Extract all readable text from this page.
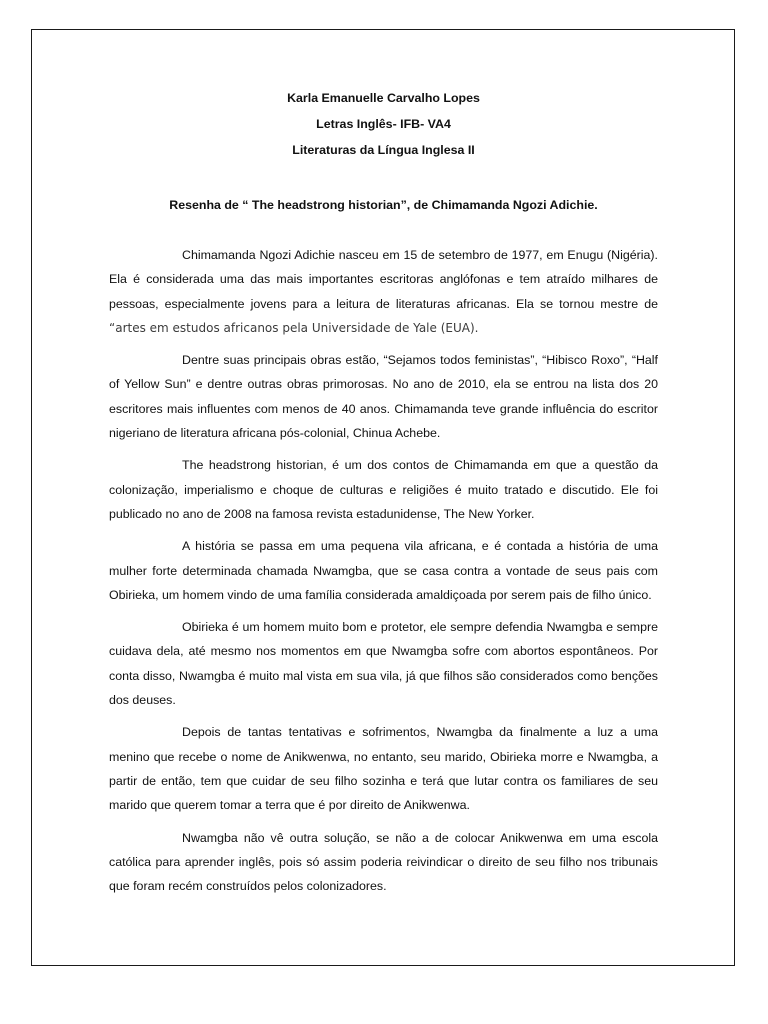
Karla Emanuelle Carvalho Lopes

Letras Inglês- IFB- VA4

Literaturas da Língua Inglesa II

Resenha de “ The headstrong historian”, de Chimamanda Ngozi Adichie.

Chimamanda Ngozi Adichie nasceu em 15 de setembro de 1977, em Enugu (Nigéria). Ela é considerada uma das mais importantes escritoras anglófonas e tem atraído milhares de pessoas, especialmente jovens para a leitura de literaturas africanas. Ela se tornou mestre de “artes em estudos africanos pela Universidade de Yale (EUA).

Dentre suas principais obras estão, “Sejamos todos feministas”, “Hibisco Roxo”, “Half of Yellow Sun” e dentre outras obras primorosas. No ano de 2010, ela se entrou na lista dos 20 escritores mais influentes com menos de 40 anos. Chimamanda teve grande influência do escritor nigeriano de literatura africana pós-colonial, Chinua Achebe.

The headstrong historian, é um dos contos de Chimamanda em que a questão da colonização, imperialismo e choque de culturas e religiões é muito tratado e discutido. Ele foi publicado no ano de 2008 na famosa revista estadunidense, The New Yorker.

A história se passa em uma pequena vila africana, e é contada a história de uma mulher forte determinada chamada Nwamgba, que se casa contra a vontade de seus pais com Obirieka, um homem vindo de uma família considerada amaldiçoada por serem pais de filho único.

Obirieka é um homem muito bom e protetor, ele sempre defendia Nwamgba e sempre cuidava dela, até mesmo nos momentos em que Nwamgba sofre com abortos espontâneos. Por conta disso, Nwamgba é muito mal vista em sua vila, já que filhos são considerados como benções dos deuses.

Depois de tantas tentativas e sofrimentos, Nwamgba da finalmente a luz a uma menino que recebe o nome de Anikwenwa, no entanto, seu marido, Obirieka morre e Nwamgba, a partir de então, tem que cuidar de seu filho sozinha e terá que lutar contra os familiares de seu marido que querem tomar a terra que é por direito de Anikwenwa.

Nwamgba não vê outra solução, se não a de colocar Anikwenwa em uma escola católica para aprender inglês, pois só assim poderia reivindicar o direito de seu filho nos tribunais que foram recém construídos pelos colonizadores.
